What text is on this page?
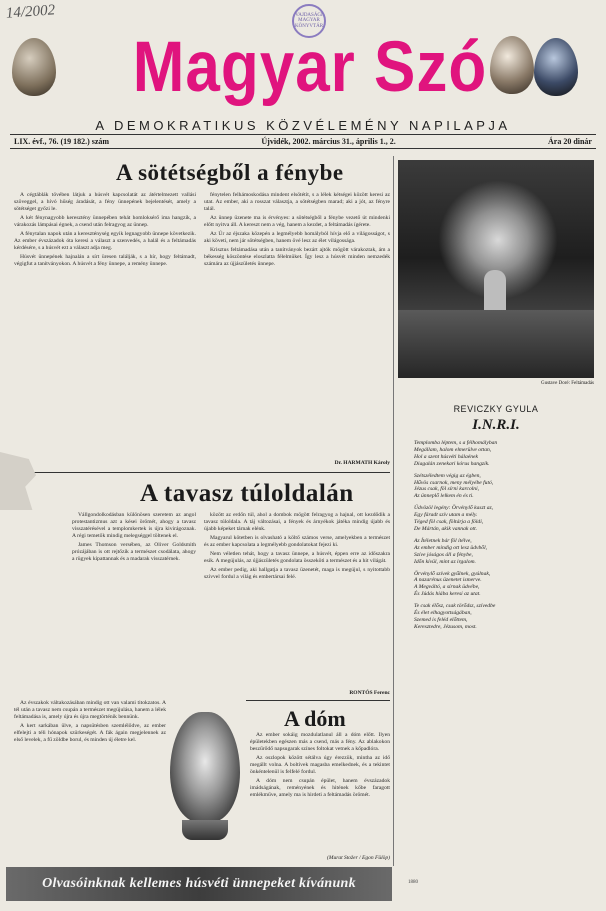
14/2002	VAJDASÁGI MAGYAR KÖNYVTÁR
Magyar Szó
A DEMOKRATIKUS KÖZVÉLEMÉNY NAPILAPJA
LIX. évf., 76. (19 182.) szám	Újvidék, 2002. március 31., április 1., 2.	Ára 20 dinár
A sötétségből a fénybe

A cégtáblák tövében látjuk a húsvét kapcsolatát az átértelmezett vallási szöveggel, a hívó hűség áradását, a fény ünnepének bejelentését, amely a sötétséget győzi le.

A két fénynagyobb keresztény ünnepében tehát homloksérő ima hangzik, a várakozás lámpásai égnek, a csend után felragyog az ünnep.

A fénytalan napok után a kereszténység egyik legnagyobb ünnepe következik. Az ember évszázadok óta keresi a választ a szenvedés, a halál és a feltámadás kérdésére, s a húsvét ezt a választ adja meg.

Húsvét ünnepének hajnalán a sírt üresen találják, s a hír, hogy feltámadt, végigfut a tanítványokon. A húsvét a fény ünnepe, a remény ünnepe.

fénytelen felhámoskodása mindent elsötétít, s a lélek kétségei között keresi az utat. Az ember, aki a rosszat választja, a sötétségben marad; aki a jót, az fényre talál.

Az ünnep üzenete ma is érvényes: a sötétségből a fénybe vezető út mindenki előtt nyitva áll. A kereszt nem a vég, hanem a kezdet, a feltámadás ígérete.

Az Úr az éjszaka közepén a legmélyebb homályból hívja elő a világosságot, s aki követi, nem jár sötétségben, hanem övé lesz az élet világossága.

Krisztus feltámadása után a tanítványok bezárt ajtók mögött várakoztak, ám a békesség köszöntése eloszlatta félelmüket. Így lesz a húsvét minden nemzedék számára az újjászületés ünnepe.

Dr. HARMATH Károly
Gustave Doré: Feltámadás
REVICZKY GYULA
I.N.R.I.
Templomba léptem, s a félhomályban
Megállam, halom elmerülve ottan,
Hol a szent húsvéti hálaének
Diagalán zenekari kórus hangzik.
Szétszéledtem végig az égben,
Hűvös csarnok, meny mélyébe futó,
Jézus csak, föl sírni karcolni,
Az ünneplő lelkem én és ti.
Üdvözöl legény: Örvénylő kaszt az,
Egy fáradt szív utam a mély.
Téged föl csak, föltárja a földi,
De Mártán, akik vannak ott.
Az Ítéletnek bár föl ítélve,
Az ember mindig ott lesz üdvből,
Szíve jóságos áll a fénybe,
Időn kívül, mint az irgalom.
Örvénylő szívek gyűlnek, gyúlnak,
A nazarénus üzenetet ismerve.
A Megváltó, a sírnak üdvébe,
És Júdás hiába keresi az utat.
Te csak élősz, csak törődsz, szívedbe
És élet elhagyottságában,
Szemed is feléd előttem,
Keresztedre, Jézusom, most.
1880
A tavasz túloldalán

Vállgondolkodásban különösen szeretem az angol protestantizmus azt a kései örömét, ahogy a tavasz visszatérésével a templomkertek is újra kivirágoznak. A régi temetők mindig melegséggel töltenek el.

James Thomson versében, az Oliver Goldsmith prózájában is ott rejtőzik a természet csodálata, ahogy a rügyek kipattannak és a madarak visszatérnek.

Az évszakok váltakozásában mindig ott van valami titokzatos. A tél után a tavasz nem csupán a természet megújulása, hanem a lélek feltámadása is, amely újra és újra megtörténik bennünk.

A kert sarkában ülve, a napsütésben szemlélődve, az ember elfelejti a téli hónapok szürkeségét. A fák ágain megjelennek az első levelek, a fű zöldbe borul, és minden új életre kel.

között az erdőn túl, ahol a dombok mögött felragyog a hajnal, ott kezdődik a tavasz túloldala. A táj változásai, a fények és árnyékok játéka mindig újabb és újabb képeket tárnak elénk.

Magyarul kötetben is olvasható a költő számos verse, amelyekben a természet és az ember kapcsolata a legmélyebb gondolatokat fejezi ki.

Nem véletlen tehát, hogy a tavasz ünnepe, a húsvét, éppen erre az időszakra esik. A megújulás, az újjászületés gondolata összeköti a természet és a hit világát.

Az ember pedig, aki hallgatja a tavasz üzenetét, maga is megújul, s nyitottabb szívvel fordul a világ és embertársai felé.

RONTÓS Ferenc
A dóm

Az ember sokáig mozdulatlanul áll a dóm előtt. Ilyen épületekben egészen más a csend, más a fény. Az ablakokon beszűrődő napsugarak színes foltokat vetnek a kőpadlóra.

Az oszlopok között sétálva úgy érezzük, mintha az idő megállt volna. A boltívek magasba emelkednek, és a tekintet önkéntelenül is felfelé fordul.

A dóm nem csupán épület, hanem évszázadok imádságának, reményének és hitének kőbe faragott emlékműve, amely ma is hirdeti a feltámadás örömét.

(Murat Stožer / Egon Fülöp)
Olvasóinknak kellemes húsvéti ünnepeket kívánunk
